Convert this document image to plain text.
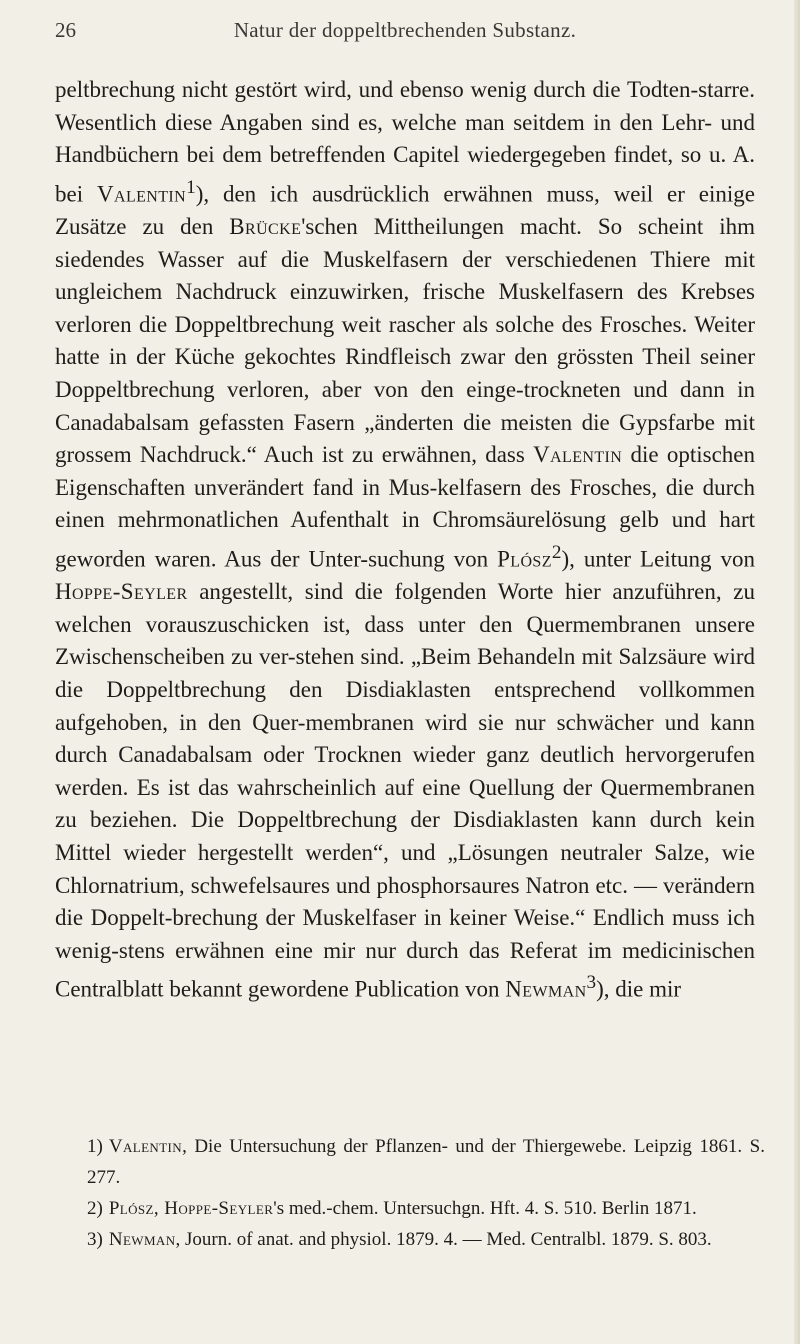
26	Natur der doppeltbrechenden Substanz.

peltbrechung nicht gestört wird, und ebenso wenig durch die Todten-starre. Wesentlich diese Angaben sind es, welche man seitdem in den Lehr- und Handbüchern bei dem betreffenden Capitel wiedergegeben findet, so u. A. bei Valentin$^1$), den ich ausdrücklich erwähnen muss, weil er einige Zusätze zu den Brücke'schen Mittheilungen macht. So scheint ihm siedendes Wasser auf die Muskelfasern der verschiedenen Thiere mit ungleichem Nachdruck einzuwirken, frische Muskelfasern des Krebses verloren die Doppeltbrechung weit rascher als solche des Frosches. Weiter hatte in der Küche gekochtes Rindfleisch zwar den grössten Theil seiner Doppeltbrechung verloren, aber von den einge-trockneten und dann in Canadabalsam gefassten Fasern „änderten die meisten die Gypsfarbe mit grossem Nachdruck.“ Auch ist zu erwähnen, dass Valentin die optischen Eigenschaften unverändert fand in Mus-kelfasern des Frosches, die durch einen mehrmonatlichen Aufenthalt in Chromsäurelösung gelb und hart geworden waren. Aus der Unter-suchung von Plósz$^2$), unter Leitung von Hoppe-Seyler angestellt, sind die folgenden Worte hier anzuführen, zu welchen vorauszuschicken ist, dass unter den Quermembranen unsere Zwischenscheiben zu ver-stehen sind. „Beim Behandeln mit Salzsäure wird die Doppeltbrechung den Disdiaklasten entsprechend vollkommen aufgehoben, in den Quer-membranen wird sie nur schwächer und kann durch Canadabalsam oder Trocknen wieder ganz deutlich hervorgerufen werden. Es ist das wahrscheinlich auf eine Quellung der Quermembranen zu beziehen. Die Doppeltbrechung der Disdiaklasten kann durch kein Mittel wieder hergestellt werden“, und „Lösungen neutraler Salze, wie Chlornatrium, schwefelsaures und phosphorsaures Natron etc. — verändern die Doppelt-brechung der Muskelfaser in keiner Weise.“ Endlich muss ich wenig-stens erwähnen eine mir nur durch das Referat im medicinischen Centralblatt bekannt gewordene Publication von Newman$^3$), die mir

1) Valentin, Die Untersuchung der Pflanzen- und der Thiergewebe. Leipzig 1861. S. 277.

2) Plósz, Hoppe-Seyler's med.-chem. Untersuchgn. Hft. 4. S. 510. Berlin 1871.

3) Newman, Journ. of anat. and physiol. 1879. 4. — Med. Centralbl. 1879. S. 803.
